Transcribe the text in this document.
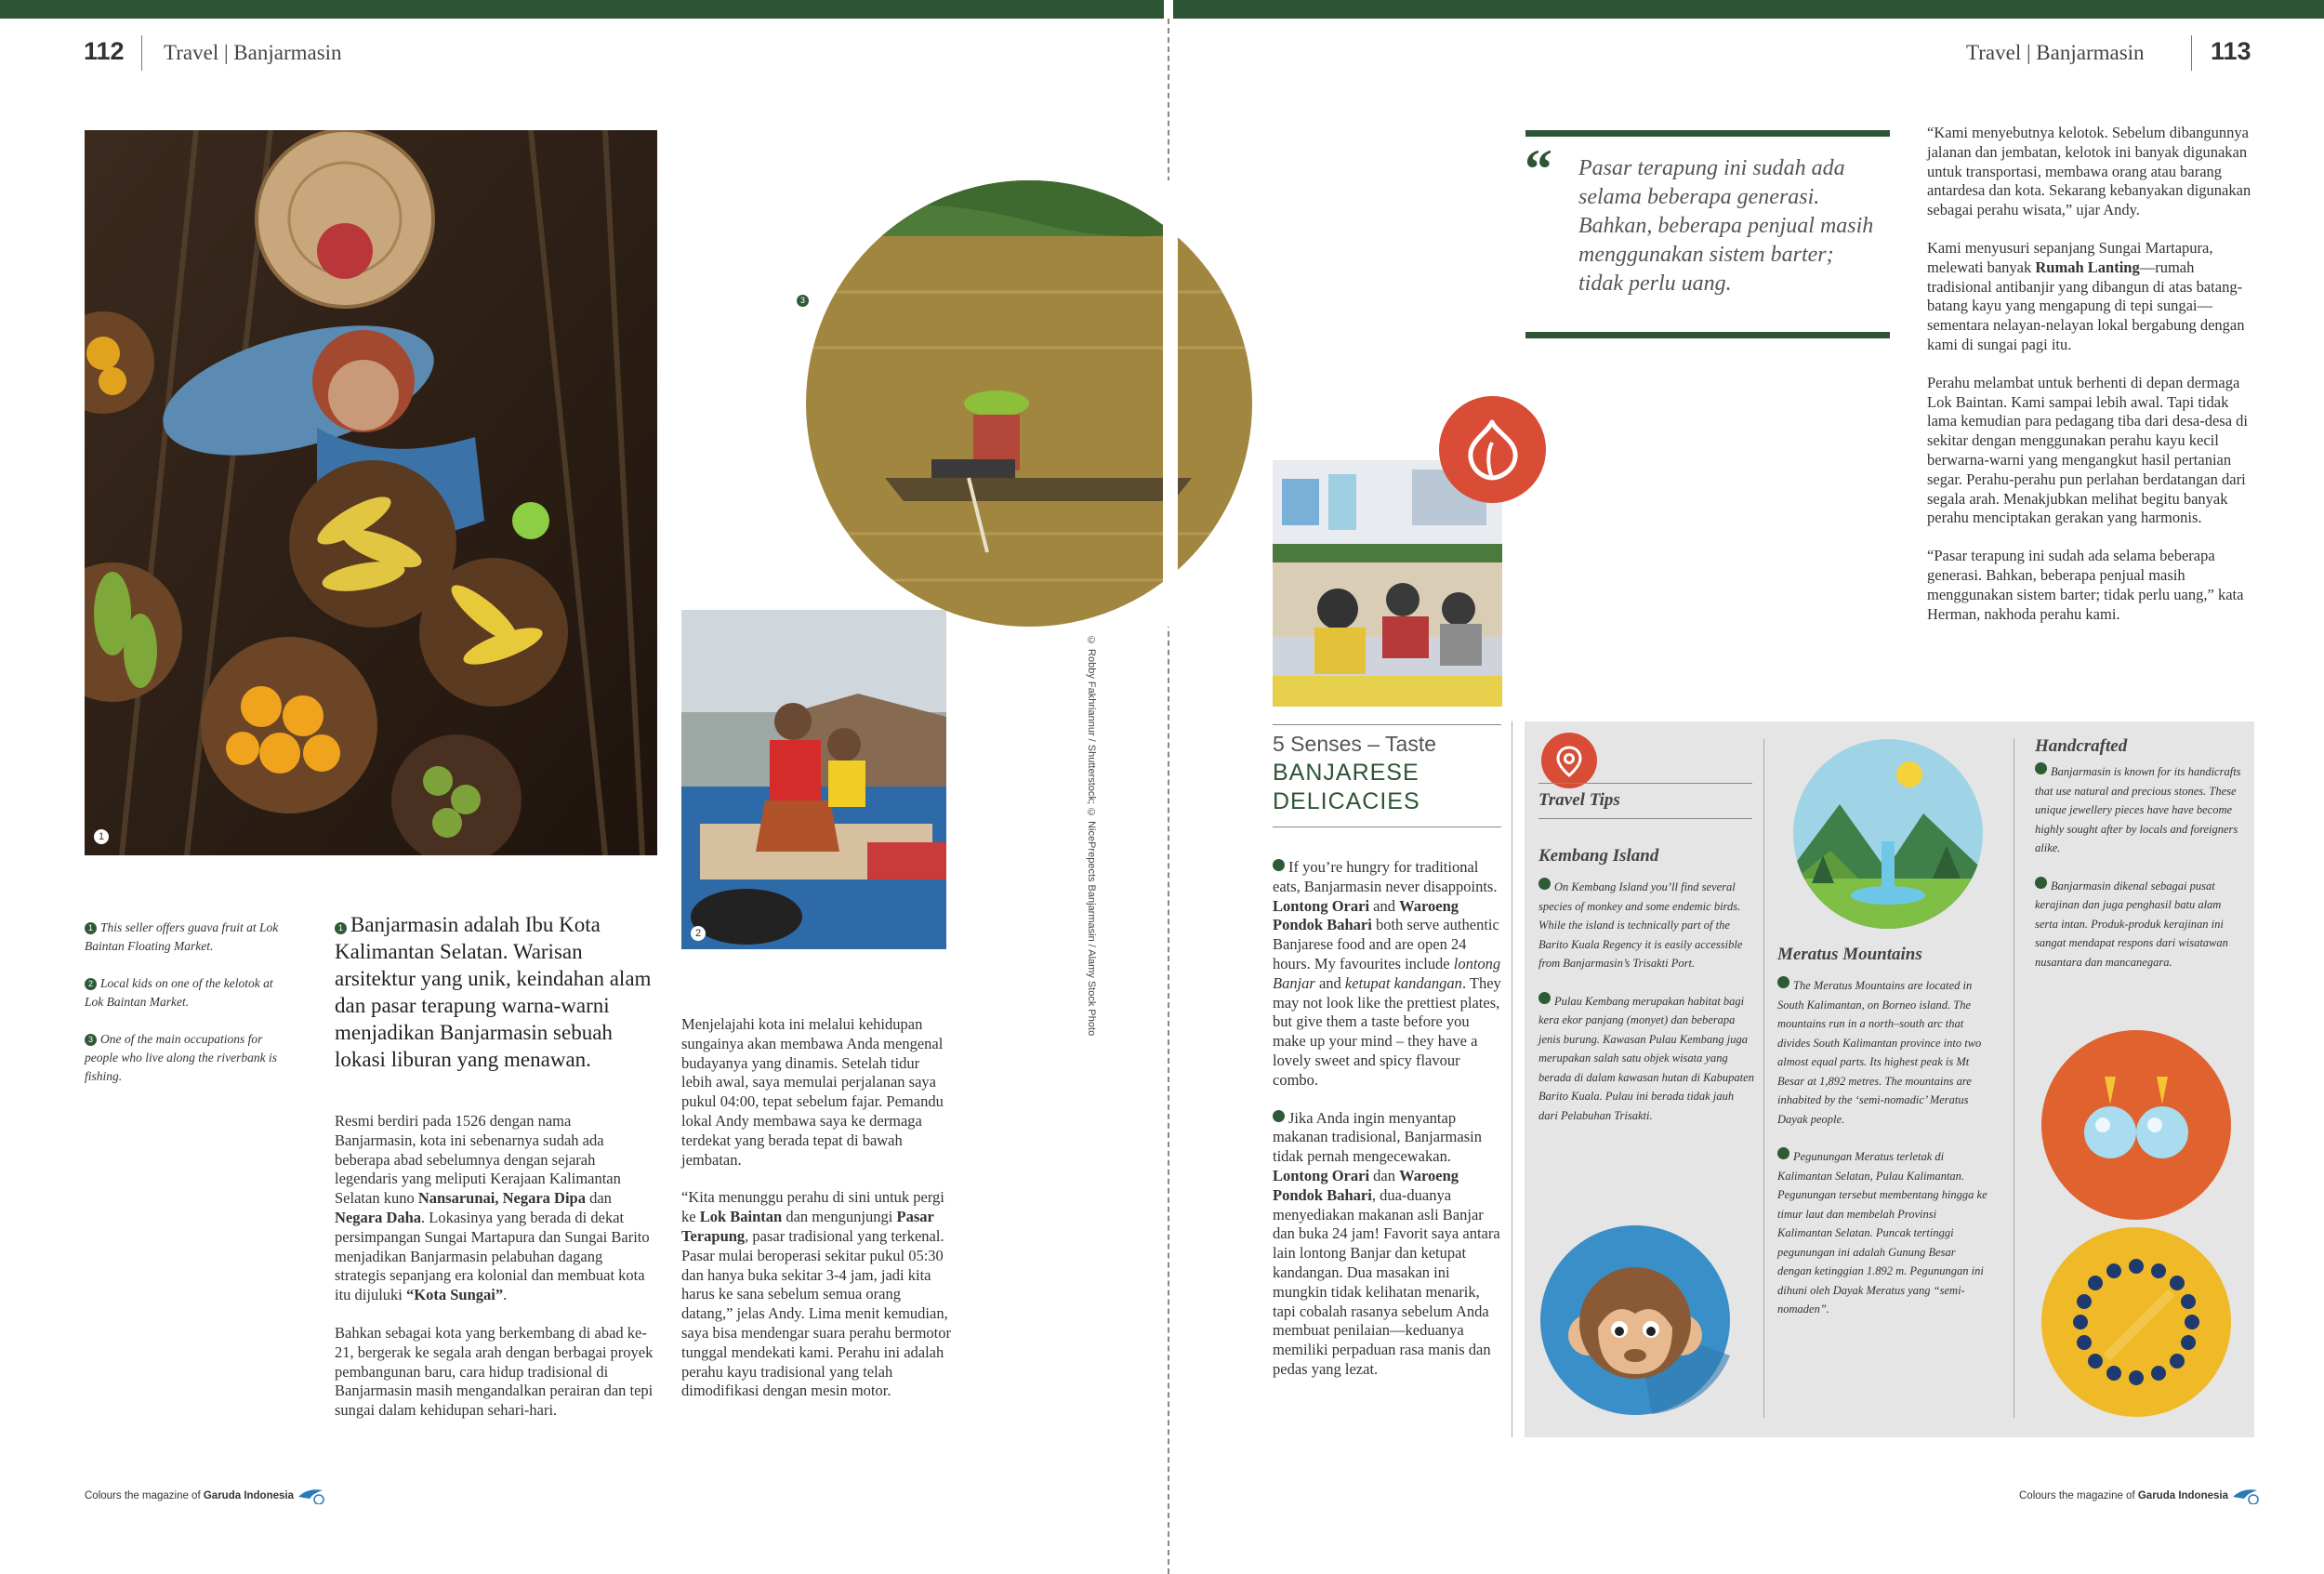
112 Travel | Banjarmasin
1
2
3
© Robby Fakhriannur / Shutterstock; © NicePrepects Banjarmasin / Alamy Stock Photo

1 This seller offers guava fruit at Lok Baintan Floating Market.

2 Local kids on one of the kelotok at Lok Baintan Market.

3 One of the main occupations for people who live along the riverbank is fishing.

1 Banjarmasin adalah Ibu Kota Kalimantan Selatan. Warisan arsitektur yang unik, keindahan alam dan pasar terapung warna-warni menjadikan Banjarmasin sebuah lokasi liburan yang menawan.

Resmi berdiri pada 1526 dengan nama Banjarmasin, kota ini sebenarnya sudah ada beberapa abad sebelumnya dengan sejarah legendaris yang meliputi Kerajaan Kalimantan Selatan kuno Nansarunai, Negara Dipa dan Negara Daha. Lokasinya yang berada di dekat persimpangan Sungai Martapura dan Sungai Barito menjadikan Banjarmasin pelabuhan dagang strategis sepanjang era kolonial dan membuat kota itu dijuluki “Kota Sungai”.

Bahkan sebagai kota yang berkembang di abad ke-21, bergerak ke segala arah dengan berbagai proyek pembangunan baru, cara hidup tradisional di Banjarmasin masih mengandalkan perairan dan tepi sungai dalam kehidupan sehari-hari.

Menjelajahi kota ini melalui kehidupan sungainya akan membawa Anda mengenal budayanya yang dinamis. Setelah tidur lebih awal, saya memulai perjalanan saya pukul 04:00, tepat sebelum fajar. Pemandu lokal Andy membawa saya ke dermaga terdekat yang berada tepat di bawah jembatan.

“Kita menunggu perahu di sini untuk pergi ke Lok Baintan dan mengunjungi Pasar Terapung, pasar tradisional yang terkenal. Pasar mulai beroperasi sekitar pukul 05:30 dan hanya buka sekitar 3-4 jam, jadi kita harus ke sana sebelum semua orang datang,” jelas Andy. Lima menit kemudian, saya bisa mendengar suara perahu bermotor tunggal mendekati kami. Perahu ini adalah perahu kayu tradisional yang telah dimodifikasi dengan mesin motor.

Colours the magazine of Garuda Indonesia
Travel | Banjarmasin	113
“ Pasar terapung ini sudah ada selama beberapa generasi. Bahkan, beberapa penjual masih menggunakan sistem barter; tidak perlu uang.

“Kami menyebutnya kelotok. Sebelum dibangunnya jalanan dan jembatan, kelotok ini banyak digunakan untuk transportasi, membawa orang atau barang antardesa dan kota. Sekarang kebanyakan digunakan sebagai perahu wisata,” ujar Andy.

Kami menyusuri sepanjang Sungai Martapura, melewati banyak Rumah Lanting—rumah tradisional antibanjir yang dibangun di atas batang-batang kayu yang mengapung di tepi sungai—sementara nelayan-nelayan lokal bergabung dengan kami di sungai pagi itu.

Perahu melambat untuk berhenti di depan dermaga Lok Baintan. Kami sampai lebih awal. Tapi tidak lama kemudian para pedagang tiba dari desa-desa di sekitar dengan menggunakan perahu kayu kecil berwarna-warni yang mengangkut hasil pertanian segar. Perahu-perahu pun perlahan berdatangan dari segala arah. Menakjubkan melihat begitu banyak perahu menciptakan gerakan yang harmonis.

“Pasar terapung ini sudah ada selama beberapa generasi. Bahkan, beberapa penjual masih menggunakan sistem barter; tidak perlu uang,” kata Herman, nakhoda perahu kami.

5 Senses – Taste
BANJARESE DELICACIES

If you’re hungry for traditional eats, Banjarmasin never disappoints. Lontong Orari and Waroeng Pondok Bahari both serve authentic Banjarese food and are open 24 hours. My favourites include lontong Banjar and ketupat kandangan. They may not look like the prettiest plates, but give them a taste before you make up your mind – they have a lovely sweet and spicy flavour combo.

Jika Anda ingin menyantap makanan tradisional, Banjarmasin tidak pernah mengecewakan. Lontong Orari dan Waroeng Pondok Bahari, dua-duanya menyediakan makanan asli Banjar dan buka 24 jam! Favorit saya antara lain lontong Banjar dan ketupat kandangan. Dua masakan ini mungkin tidak kelihatan menarik, tapi cobalah rasanya sebelum Anda membuat penilaian—keduanya memiliki perpaduan rasa manis dan pedas yang lezat.

Travel Tips
Kembang Island

On Kembang Island you’ll find several species of monkey and some endemic birds. While the island is technically part of the Barito Kuala Regency it is easily accessible from Banjarmasin’s Trisakti Port.

Pulau Kembang merupakan habitat bagi kera ekor panjang (monyet) dan beberapa jenis burung. Kawasan Pulau Kembang juga merupakan salah satu objek wisata yang berada di dalam kawasan hutan di Kabupaten Barito Kuala. Pulau ini berada tidak jauh dari Pelabuhan Trisakti.

Meratus Mountains

The Meratus Mountains are located in South Kalimantan, on Borneo island. The mountains run in a north–south arc that divides South Kalimantan province into two almost equal parts. Its highest peak is Mt Besar at 1,892 metres. The mountains are inhabited by the ‘semi-nomadic’ Meratus Dayak people.

Pegunungan Meratus terletak di Kalimantan Selatan, Pulau Kalimantan. Pegunungan tersebut membentang hingga ke timur laut dan membelah Provinsi Kalimantan Selatan. Puncak tertinggi pegunungan ini adalah Gunung Besar dengan ketinggian 1.892 m. Pegunungan ini dihuni oleh Dayak Meratus yang “semi-nomaden”.

Handcrafted

Banjarmasin is known for its handicrafts that use natural and precious stones. These unique jewellery pieces have have become highly sought after by locals and foreigners alike.

Banjarmasin dikenal sebagai pusat kerajinan dan juga penghasil batu alam serta intan. Produk-produk kerajinan ini sangat mendapat respons dari wisatawan nusantara dan mancanegara.

Colours the magazine of Garuda Indonesia
